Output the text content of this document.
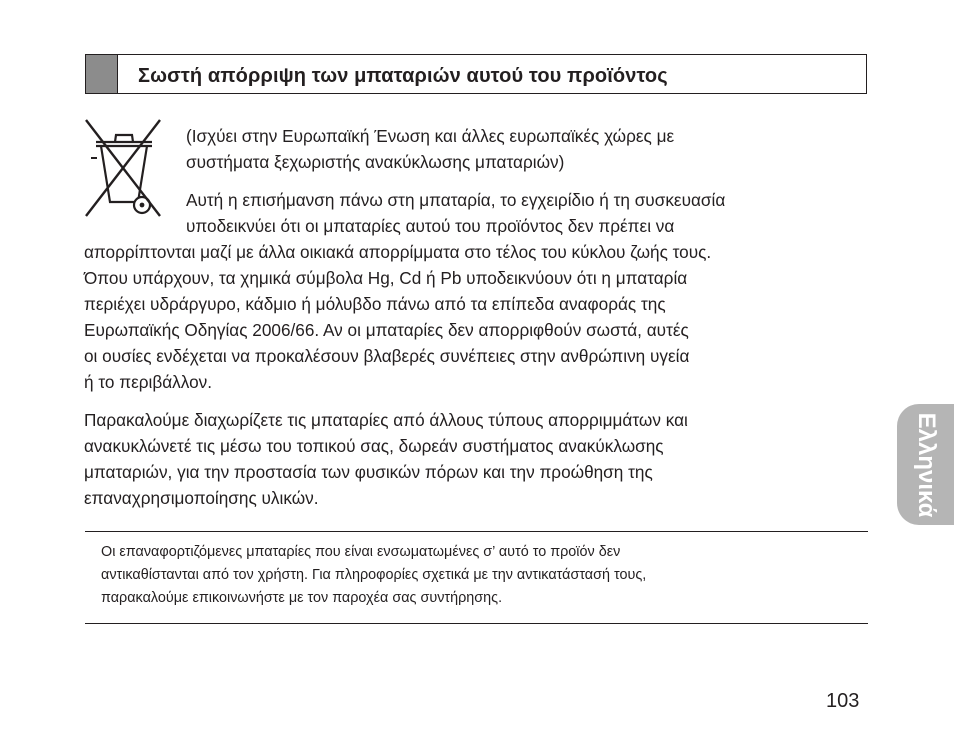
Σωστή απόρριψη των μπαταριών αυτού του προϊόντος
(Ισχύει στην Ευρωπαϊκή Ένωση και άλλες ευρωπαϊκές χώρες με
συστήματα ξεχωριστής ανακύκλωσης μπαταριών)
Αυτή η επισήμανση πάνω στη μπαταρία, το εγχειρίδιο ή τη συσκευασία
υποδεικνύει ότι οι μπαταρίες αυτού του προϊόντος δεν πρέπει να
απορρίπτονται μαζί με άλλα οικιακά απορρίμματα στο τέλος του κύκλου ζωής τους.
Όπου υπάρχουν, τα χημικά σύμβολα Hg, Cd ή Pb υποδεικνύουν ότι η μπαταρία
περιέχει υδράργυρο, κάδμιο ή μόλυβδο πάνω από τα επίπεδα αναφοράς της
Ευρωπαϊκής Οδηγίας 2006/66. Αν οι μπαταρίες δεν απορριφθούν σωστά, αυτές
οι ουσίες ενδέχεται να προκαλέσουν βλαβερές συνέπειες στην ανθρώπινη υγεία
ή το περιβάλλον.
Παρακαλούμε διαχωρίζετε τις μπαταρίες από άλλους τύπους απορριμμάτων και
ανακυκλώνετέ τις μέσω του τοπικού σας, δωρεάν συστήματος ανακύκλωσης
μπαταριών, για την προστασία των φυσικών πόρων και την προώθηση της
επαναχρησιμοποίησης υλικών.	Ελληνικά
Οι επαναφορτιζόμενες μπαταρίες που είναι ενσωματωμένες σ’ αυτό το προϊόν δεν
αντικαθίστανται από τον χρήστη. Για πληροφορίες σχετικά με την αντικατάστασή τους,
παρακαλούμε επικοινωνήστε με τον παροχέα σας συντήρησης.
103
